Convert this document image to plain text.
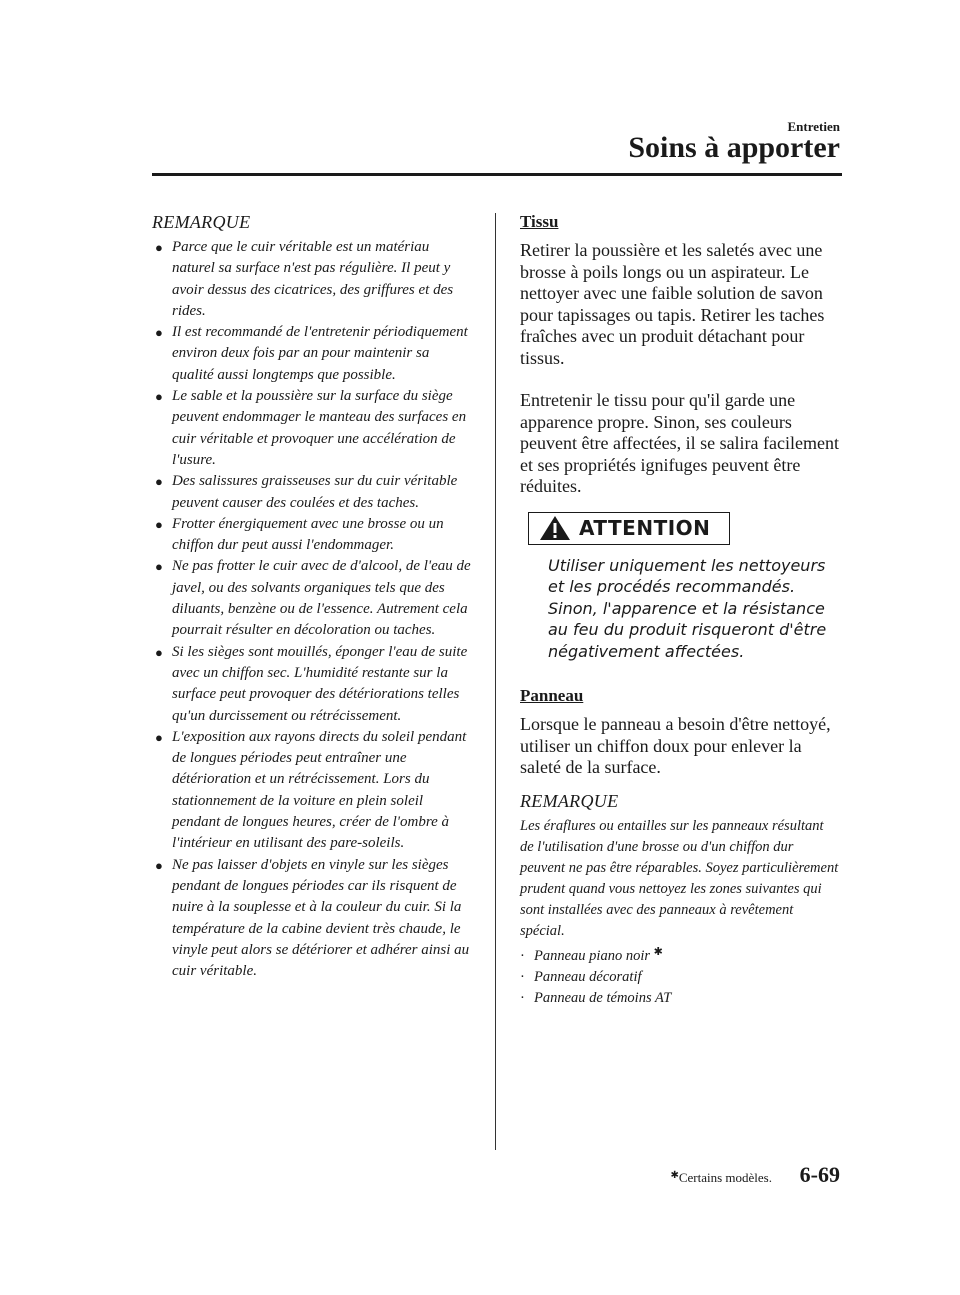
Entretien
Soins à apporter
REMARQUE
● Parce que le cuir véritable est un matériau naturel sa surface n'est pas régulière. Il peut y avoir dessus des cicatrices, des griffures et des rides.
● Il est recommandé de l'entretenir périodiquement environ deux fois par an pour maintenir sa qualité aussi longtemps que possible.
● Le sable et la poussière sur la surface du siège peuvent endommager le manteau des surfaces en cuir véritable et provoquer une accélération de l'usure.
● Des salissures graisseuses sur du cuir véritable peuvent causer des coulées et des taches.
● Frotter énergiquement avec une brosse ou un chiffon dur peut aussi l'endommager.
● Ne pas frotter le cuir avec de d'alcool, de l'eau de javel, ou des solvants organiques tels que des diluants, benzène ou de l'essence. Autrement cela pourrait résulter en décoloration ou taches.
● Si les sièges sont mouillés, éponger l'eau de suite avec un chiffon sec. L'humidité restante sur la surface peut provoquer des détériorations telles qu'un durcissement ou rétrécissement.
● L'exposition aux rayons directs du soleil pendant de longues périodes peut entraîner une détérioration et un rétrécissement. Lors du stationnement de la voiture en plein soleil pendant de longues heures, créer de l'ombre à l'intérieur en utilisant des pare-soleils.
● Ne pas laisser d'objets en vinyle sur les sièges pendant de longues périodes car ils risquent de nuire à la souplesse et à la couleur du cuir. Si la température de la cabine devient très chaude, le vinyle peut alors se détériorer et adhérer ainsi au cuir véritable.
Tissu

Retirer la poussière et les saletés avec une brosse à poils longs ou un aspirateur. Le nettoyer avec une faible solution de savon pour tapissages ou tapis. Retirer les taches fraîches avec un produit détachant pour tissus.

Entretenir le tissu pour qu'il garde une apparence propre. Sinon, ses couleurs peuvent être affectées, il se salira facilement et ses propriétés ignifuges peuvent être réduites.

ATTENTION

Utiliser uniquement les nettoyeurs et les procédés recommandés. Sinon, l'apparence et la résistance au feu du produit risqueront d'être négativement affectées.

Panneau

Lorsque le panneau a besoin d'être nettoyé, utiliser un chiffon doux pour enlever la saleté de la surface.

REMARQUE

Les éraflures ou entailles sur les panneaux résultant de l'utilisation d'une brosse ou d'un chiffon dur peuvent ne pas être réparables. Soyez particulièrement prudent quand vous nettoyez les zones suivantes qui sont installées avec des panneaux à revêtement spécial.

· Panneau piano noir ✱
· Panneau décoratif
· Panneau de témoins AT
✱Certains modèles. 6-69
